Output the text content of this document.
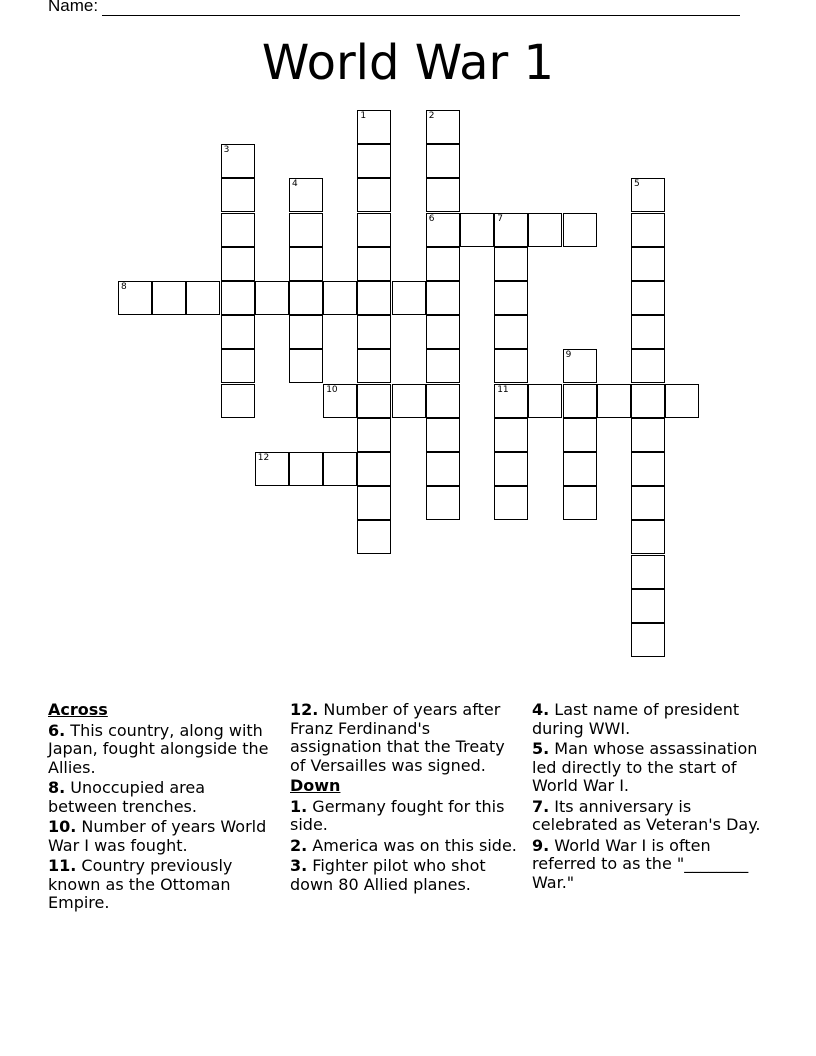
Name:
World War 1
1	2
6
3
4	5
7
11
8
9
10
12
Across
6. This country, along with Japan, fought alongside the Allies.
8. Unoccupied area between trenches.
10. Number of years World War I was fought.
11. Country previously known as the Ottoman Empire.
12. Number of years after Franz Ferdinand's assignation that the Treaty of Versailles was signed.
Down
1. Germany fought for this side.
2. America was on this side.
3. Fighter pilot who shot down 80 Allied planes.
4. Last name of president during WWI.
5. Man whose assassination led directly to the start of World War I.
7. Its anniversary is celebrated as Veteran's Day.
9. World War I is often referred to as the "________ War."
